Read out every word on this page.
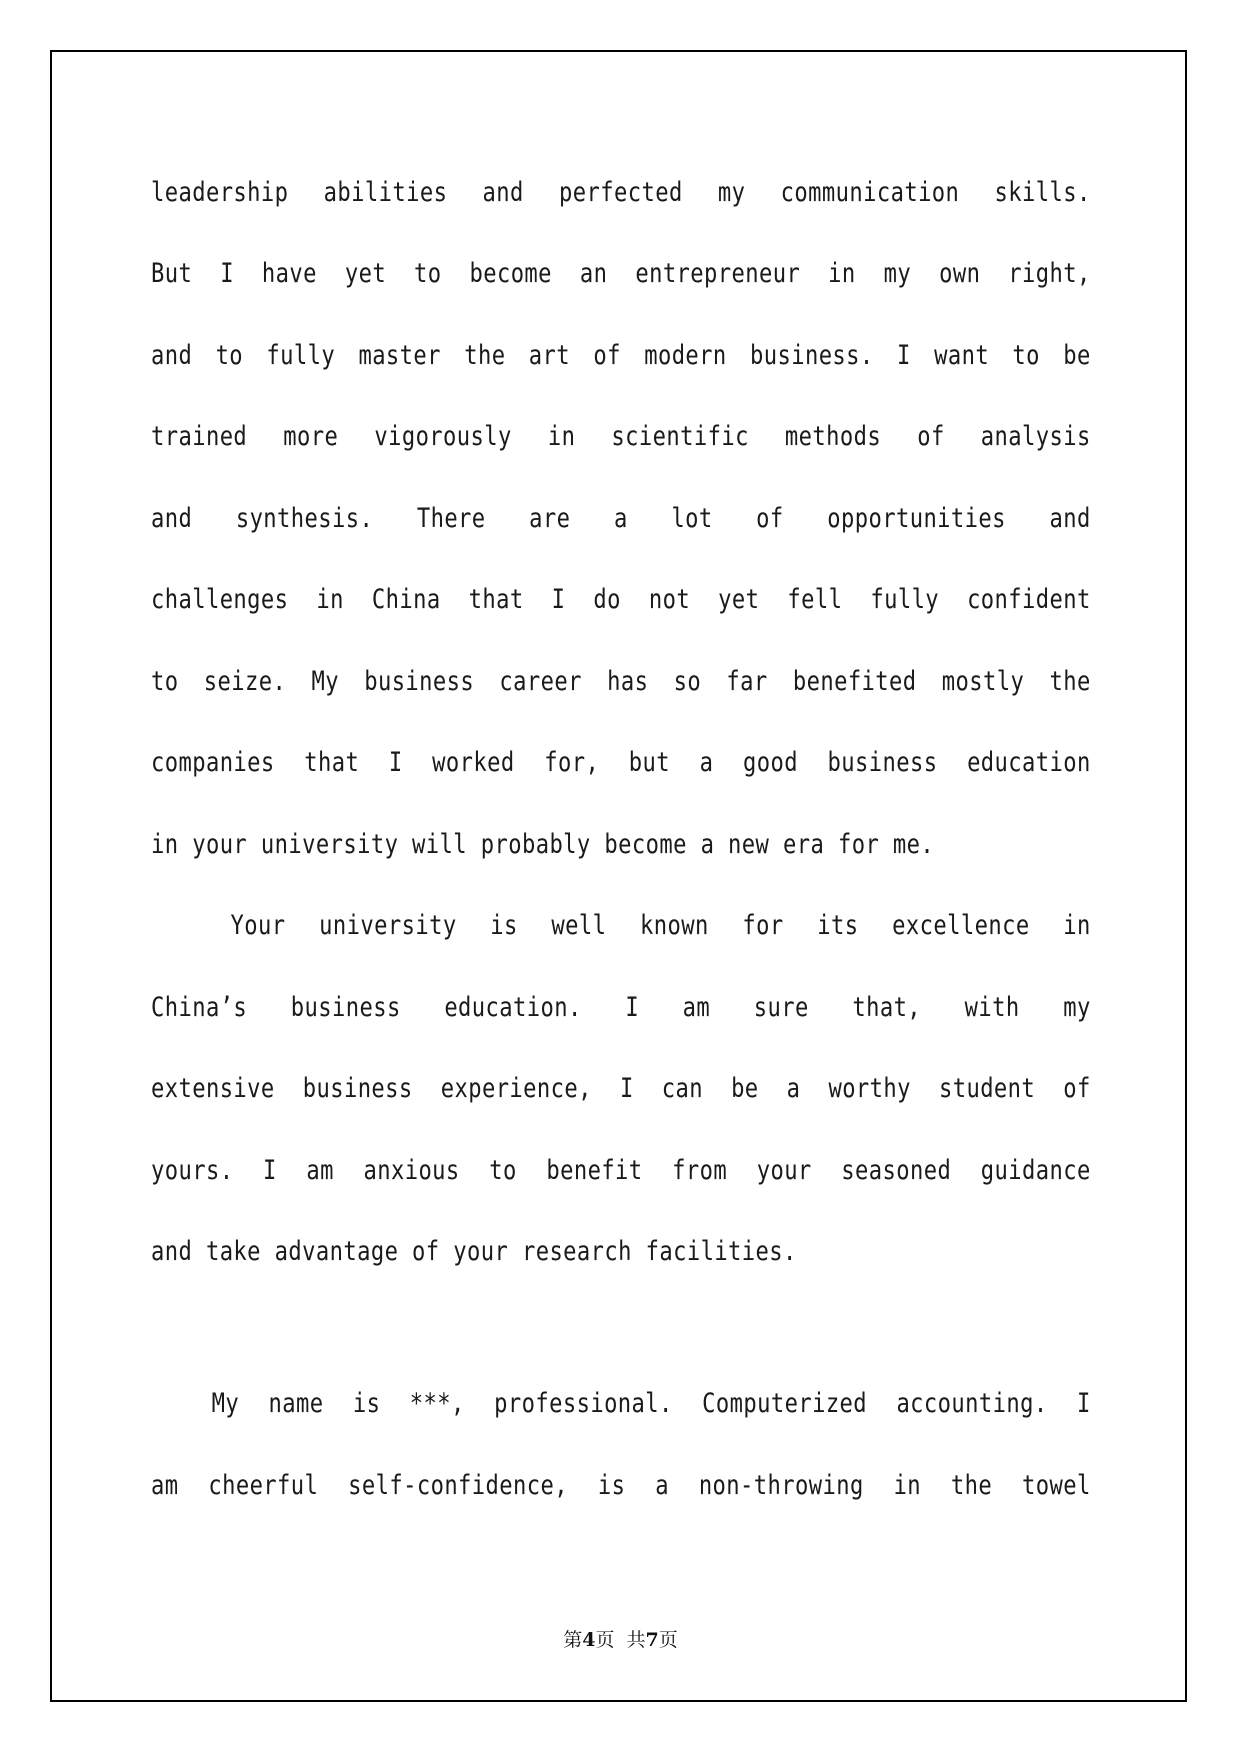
leadership abilities and perfected my communication skills.
But I have yet to become an entrepreneur in my own right,
and to fully master the art of modern business. I want to be
trained more vigorously in scientific methods of analysis
and synthesis. There are a lot of opportunities and
challenges in China that I do not yet fell fully confident
to seize. My business career has so far benefited mostly the
companies that I worked for, but a good business education
in your university will probably become a new era for me.
Your university is well known for its excellence in
China’s business education. I am sure that, with my
extensive business experience, I can be a worthy student of
yours. I am anxious to benefit from your seasoned guidance
and take advantage of your research facilities.
My name is ***, professional. Computerized accounting. I
am cheerful self-confidence, is a non-throwing in the towel
第4页  共7页
